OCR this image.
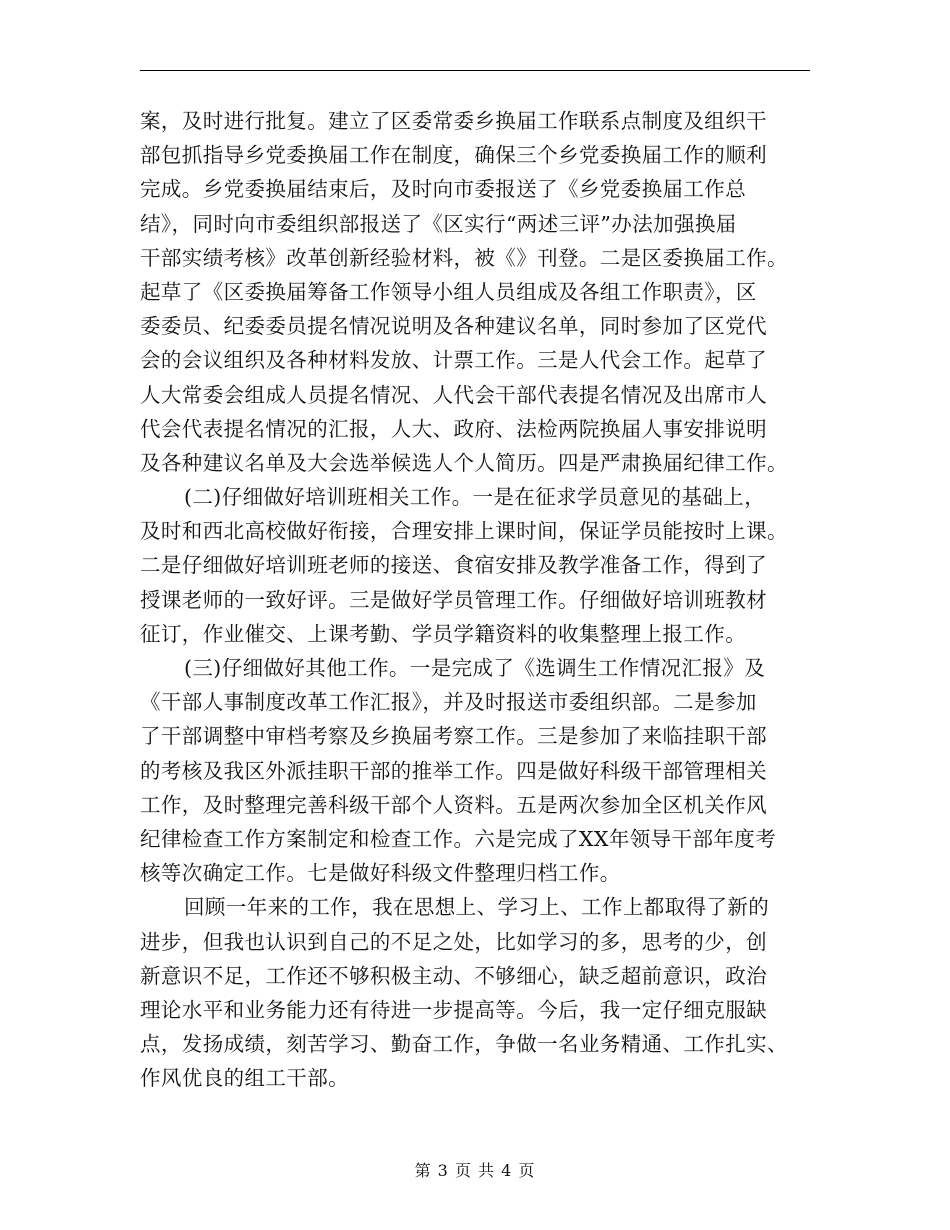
案，及时进行批复。建立了区委常委乡换届工作联系点制度及组织干
部包抓指导乡党委换届工作在制度，确保三个乡党委换届工作的顺利
完成。乡党委换届结束后，及时向市委报送了《乡党委换届工作总
结》，同时向市委组织部报送了《区实行“两述三评”办法加强换届
干部实绩考核》改革创新经验材料，被《》刊登。二是区委换届工作。
起草了《区委换届筹备工作领导小组人员组成及各组工作职责》，区
委委员、纪委委员提名情况说明及各种建议名单，同时参加了区党代
会的会议组织及各种材料发放、计票工作。三是人代会工作。起草了
人大常委会组成人员提名情况、人代会干部代表提名情况及出席市人
代会代表提名情况的汇报，人大、政府、法检两院换届人事安排说明
及各种建议名单及大会选举候选人个人简历。四是严肃换届纪律工作。
(二)仔细做好培训班相关工作。一是在征求学员意见的基础上，
及时和西北高校做好衔接，合理安排上课时间，保证学员能按时上课。
二是仔细做好培训班老师的接送、食宿安排及教学准备工作，得到了
授课老师的一致好评。三是做好学员管理工作。仔细做好培训班教材
征订，作业催交、上课考勤、学员学籍资料的收集整理上报工作。
(三)仔细做好其他工作。一是完成了《选调生工作情况汇报》及
《干部人事制度改革工作汇报》，并及时报送市委组织部。二是参加
了干部调整中审档考察及乡换届考察工作。三是参加了来临挂职干部
的考核及我区外派挂职干部的推举工作。四是做好科级干部管理相关
工作，及时整理完善科级干部个人资料。五是两次参加全区机关作风
纪律检查工作方案制定和检查工作。六是完成了XX年领导干部年度考
核等次确定工作。七是做好科级文件整理归档工作。
回顾一年来的工作，我在思想上、学习上、工作上都取得了新的
进步，但我也认识到自己的不足之处，比如学习的多，思考的少，创
新意识不足，工作还不够积极主动、不够细心，缺乏超前意识，政治
理论水平和业务能力还有待进一步提高等。今后，我一定仔细克服缺
点，发扬成绩，刻苦学习、勤奋工作，争做一名业务精通、工作扎实、
作风优良的组工干部。
第 3 页 共 4 页
